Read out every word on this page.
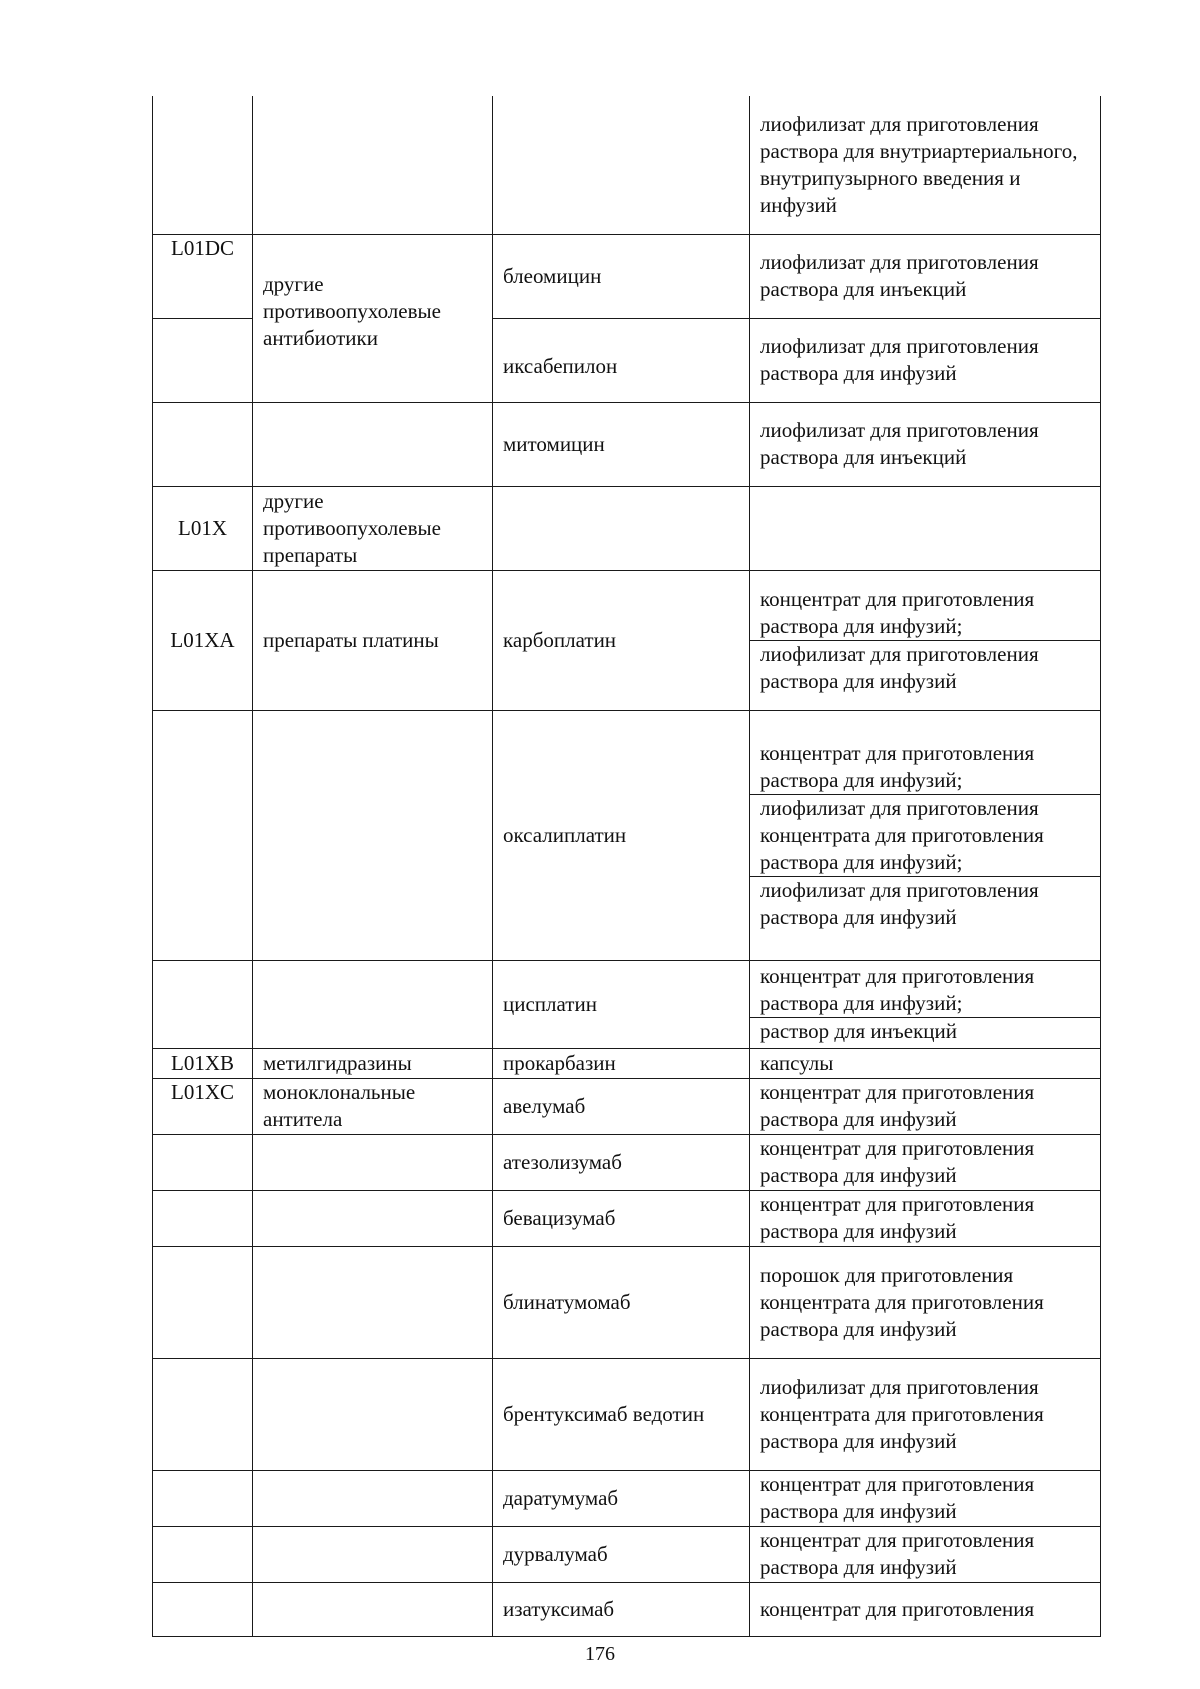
			лиофилизат для приготовления раствора для внутриартериального, внутрипузырного введения и инфузий

L01DC	другие противоопухолевые антибиотики	блеомицин	лиофилизат для приготовления раствора для инъекций

		иксабепилон	лиофилизат для приготовления раствора для инфузий

		митомицин	лиофилизат для приготовления раствора для инъекций

L01X	другие противоопухолевые препараты		

L01XA	препараты платины	карбоплатин	концентрат для приготовления раствора для инфузий;
лиофилизат для приготовления раствора для инфузий

		оксалиплатин	концентрат для приготовления раствора для инфузий;
лиофилизат для приготовления концентрата для приготовления раствора для инфузий;
лиофилизат для приготовления раствора для инфузий

		цисплатин	концентрат для приготовления раствора для инфузий;
раствор для инъекций

L01XB	метилгидразины	прокарбазин	капсулы

L01XC	моноклональные антитела	авелумаб	концентрат для приготовления раствора для инфузий

		атезолизумаб	концентрат для приготовления раствора для инфузий

		бевацизумаб	концентрат для приготовления раствора для инфузий

		блинатумомаб	порошок для приготовления концентрата для приготовления раствора для инфузий

		брентуксимаб ведотин	лиофилизат для приготовления концентрата для приготовления раствора для инфузий

		даратумумаб	концентрат для приготовления раствора для инфузий

		дурвалумаб	концентрат для приготовления раствора для инфузий

		изатуксимаб	концентрат для приготовления
176
